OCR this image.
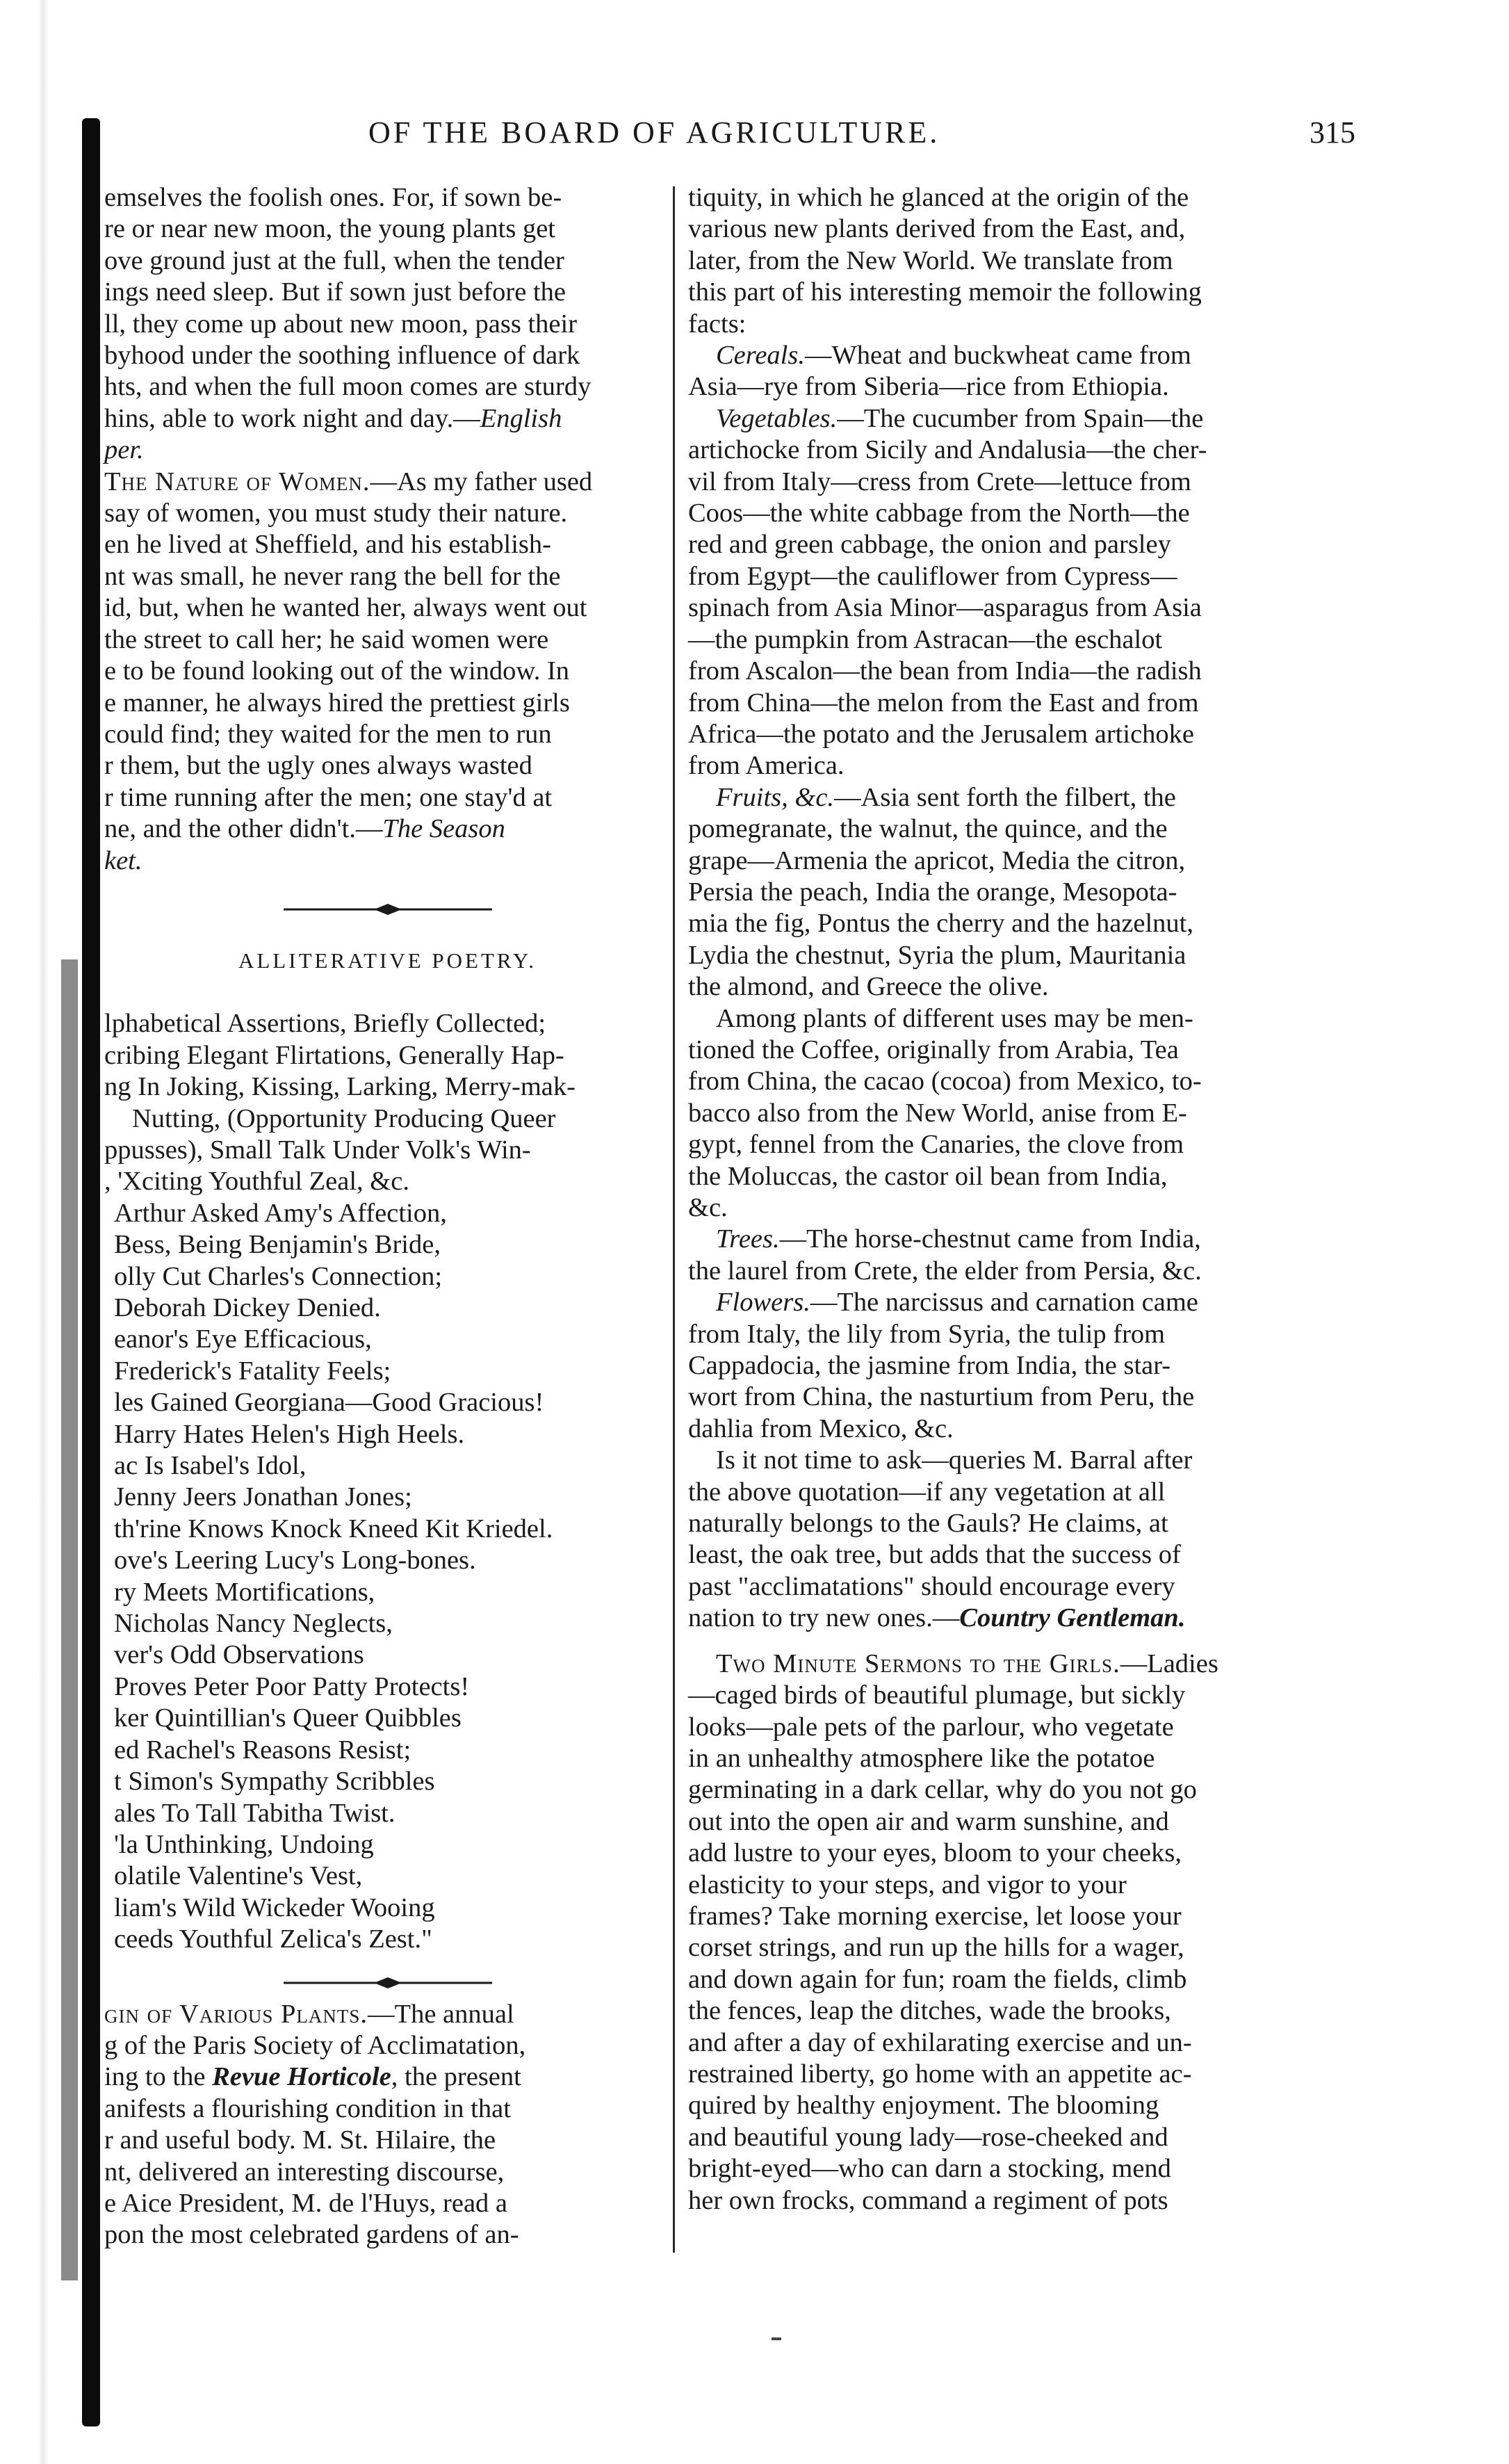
OF THE BOARD OF AGRICULTURE.	315
emselves the foolish ones. For, if sown be-
re or near new moon, the young plants get
ove ground just at the full, when the tender
ings need sleep. But if sown just before the
ll, they come up about new moon, pass their
byhood under the soothing influence of dark
hts, and when the full moon comes are sturdy
hins, able to work night and day.—English
per.
The Nature of Women.—As my father used
say of women, you must study their nature.
en he lived at Sheffield, and his establish-
nt was small, he never rang the bell for the
id, but, when he wanted her, always went out
the street to call her; he said women were
e to be found looking out of the window. In
e manner, he always hired the prettiest girls
could find; they waited for the men to run
r them, but the ugly ones always wasted
r time running after the men; one stay'd at
ne, and the other didn't.—The Season
ket.
ALLITERATIVE POETRY.
lphabetical Assertions, Briefly Collected;
cribing Elegant Flirtations, Generally Hap-
ng In Joking, Kissing, Larking, Merry-mak-
Nutting, (Opportunity Producing Queer
ppusses), Small Talk Under Volk's Win-
, 'Xciting Youthful Zeal, &c.
Arthur Asked Amy's Affection,
Bess, Being Benjamin's Bride,
olly Cut Charles's Connection;
Deborah Dickey Denied.
eanor's Eye Efficacious,
Frederick's Fatality Feels;
les Gained Georgiana—Good Gracious!
Harry Hates Helen's High Heels.
ac Is Isabel's Idol,
Jenny Jeers Jonathan Jones;
th'rine Knows Knock Kneed Kit Kriedel.
ove's Leering Lucy's Long-bones.
ry Meets Mortifications,
Nicholas Nancy Neglects,
ver's Odd Observations
Proves Peter Poor Patty Protects!
ker Quintillian's Queer Quibbles
ed Rachel's Reasons Resist;
t Simon's Sympathy Scribbles
ales To Tall Tabitha Twist.
'la Unthinking, Undoing
olatile Valentine's Vest,
liam's Wild Wickeder Wooing
ceeds Youthful Zelica's Zest."
gin of Various Plants.—The annual
g of the Paris Society of Acclimatation,
ing to the Revue Horticole, the present
anifests a flourishing condition in that
r and useful body. M. St. Hilaire, the
nt, delivered an interesting discourse,
e Aice President, M. de l'Huys, read a
pon the most celebrated gardens of an-
tiquity, in which he glanced at the origin of the
various new plants derived from the East, and,
later, from the New World. We translate from
this part of his interesting memoir the following
facts:
Cereals.—Wheat and buckwheat came from
Asia—rye from Siberia—rice from Ethiopia.
Vegetables.—The cucumber from Spain—the
artichocke from Sicily and Andalusia—the cher-
vil from Italy—cress from Crete—lettuce from
Coos—the white cabbage from the North—the
red and green cabbage, the onion and parsley
from Egypt—the cauliflower from Cypress—
spinach from Asia Minor—asparagus from Asia
—the pumpkin from Astracan—the eschalot
from Ascalon—the bean from India—the radish
from China—the melon from the East and from
Africa—the potato and the Jerusalem artichoke
from America.
Fruits, &c.—Asia sent forth the filbert, the
pomegranate, the walnut, the quince, and the
grape—Armenia the apricot, Media the citron,
Persia the peach, India the orange, Mesopota-
mia the fig, Pontus the cherry and the hazelnut,
Lydia the chestnut, Syria the plum, Mauritania
the almond, and Greece the olive.
Among plants of different uses may be men-
tioned the Coffee, originally from Arabia, Tea
from China, the cacao (cocoa) from Mexico, to-
bacco also from the New World, anise from E-
gypt, fennel from the Canaries, the clove from
the Moluccas, the castor oil bean from India,
&c.
Trees.—The horse-chestnut came from India,
the laurel from Crete, the elder from Persia, &c.
Flowers.—The narcissus and carnation came
from Italy, the lily from Syria, the tulip from
Cappadocia, the jasmine from India, the star-
wort from China, the nasturtium from Peru, the
dahlia from Mexico, &c.
Is it not time to ask—queries M. Barral after
the above quotation—if any vegetation at all
naturally belongs to the Gauls? He claims, at
least, the oak tree, but adds that the success of
past "acclimatations" should encourage every
nation to try new ones.—Country Gentleman.
Two Minute Sermons to the Girls.—Ladies
—caged birds of beautiful plumage, but sickly
looks—pale pets of the parlour, who vegetate
in an unhealthy atmosphere like the potatoe
germinating in a dark cellar, why do you not go
out into the open air and warm sunshine, and
add lustre to your eyes, bloom to your cheeks,
elasticity to your steps, and vigor to your
frames? Take morning exercise, let loose your
corset strings, and run up the hills for a wager,
and down again for fun; roam the fields, climb
the fences, leap the ditches, wade the brooks,
and after a day of exhilarating exercise and un-
restrained liberty, go home with an appetite ac-
quired by healthy enjoyment. The blooming
and beautiful young lady—rose-cheeked and
bright-eyed—who can darn a stocking, mend
her own frocks, command a regiment of pots
